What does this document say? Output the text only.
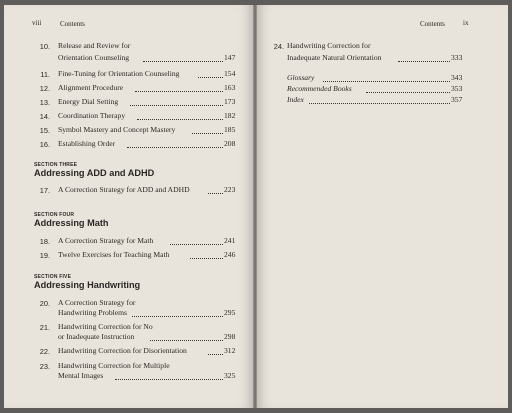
viii	Contents
10. Release and Review for
Orientation Counseling	147
11. Fine-Tuning for Orientation Counseling	154
12. Alignment Procedure	163
13. Energy Dial Setting	173
14. Coordination Therapy	182
15. Symbol Mastery and Concept Mastery	185
16. Establishing Order	208
SECTION THREE
Addressing ADD and ADHD
17. A Correction Strategy for ADD and ADHD	223
SECTION FOUR
Addressing Math
18. A Correction Strategy for Math	241
19. Twelve Exercises for Teaching Math	246
SECTION FIVE
Addressing Handwriting
20. A Correction Strategy for
Handwriting Problems	295
21. Handwriting Correction for No
or Inadequate Instruction	298
22. Handwriting Correction for Disorientation	312
23. Handwriting Correction for Multiple
Mental Images	325
Contents	ix
24. Handwriting Correction for
Inadequate Natural Orientation	333
Glossary	343
Recommended Books	353
Index	357
